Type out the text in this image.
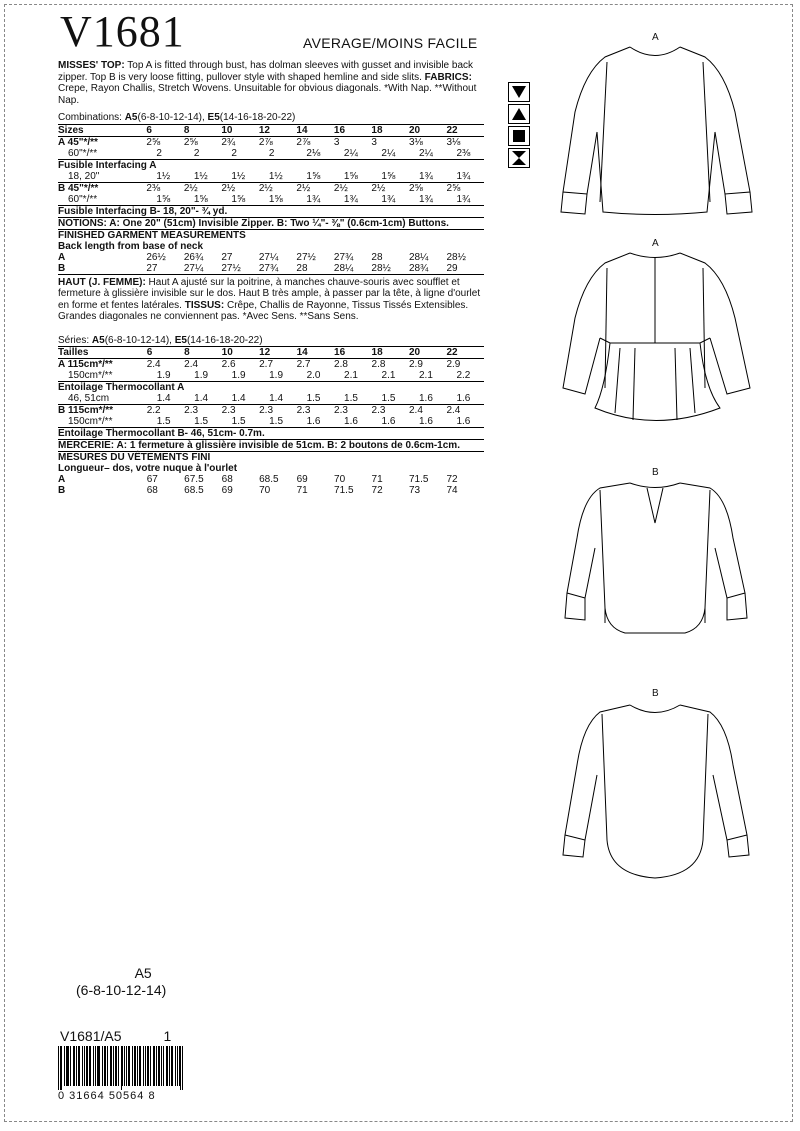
V1681	AVERAGE/MOINS FACILE

MISSES' TOP: Top A is fitted through bust, has dolman sleeves with gusset and invisible back zipper. Top B is very loose fitting, pullover style with shaped hemline and side slits. FABRICS: Crepe, Rayon Challis, Stretch Wovens. Unsuitable for obvious diagonals. *With Nap. **Without Nap.

Combinations: A5(6-8-10-12-14), E5(14-16-18-20-22)
Sizes	6	8	10	12	14	16	18	20	22
A 45"*/**	2⅝	2⅝	2¾	2⅞	2⅞	3	3	3⅛	3⅛
60"*/**	2	2	2	2	2⅛	2¼	2¼	2¼	2⅜
Fusible Interfacing A									
18, 20"	1½	1½	1½	1½	1⅝	1⅝	1⅝	1¾	1¾
B 45"*/**	2⅜	2½	2½	2½	2½	2½	2½	2⅝	2⅝
60"*/**	1⅝	1⅝	1⅝	1⅝	1¾	1¾	1¾	1¾	1¾
Fusible Interfacing B- 18, 20"- ¾ yd.									
NOTIONS: A: One 20" (51cm) Invisible Zipper. B: Two ¼"- ⅜" (0.6cm-1cm) Buttons.									
FINISHED GARMENT MEASUREMENTS									
Back length from base of neck									
A	26½	26¾	27	27¼	27½	27¾	28	28¼	28½
B	27	27¼	27½	27¾	28	28¼	28½	28¾	29

HAUT (J. FEMME): Haut A ajusté sur la poitrine, à manches chauve-souris avec soufflet et fermeture à glissière invisible sur le dos. Haut B très ample, à passer par la tête, à ligne d'ourlet en forme et fentes latérales. TISSUS: Crêpe, Challis de Rayonne, Tissus Tissés Extensibles. Grandes diagonales ne conviennent pas. *Avec Sens. **Sans Sens.

Séries: A5(6-8-10-12-14), E5(14-16-18-20-22)
Tailles	6	8	10	12	14	16	18	20	22
A 115cm*/**	2.4	2.4	2.6	2.7	2.7	2.8	2.8	2.9	2.9
150cm*/**	1.9	1.9	1.9	1.9	2.0	2.1	2.1	2.1	2.2
Entoilage Thermocollant A									
46, 51cm	1.4	1.4	1.4	1.4	1.5	1.5	1.5	1.6	1.6
B 115cm*/**	2.2	2.3	2.3	2.3	2.3	2.3	2.3	2.4	2.4
150cm*/**	1.5	1.5	1.5	1.5	1.6	1.6	1.6	1.6	1.6
Entoilage Thermocollant B- 46, 51cm- 0.7m.									
MERCERIE: A: 1 fermeture à glissière invisible de 51cm. B: 2 boutons de 0.6cm-1cm.									
MESURES DU VÊTEMENTS FINI									
Longueur– dos, votre nuque à l'ourlet									
A	67	67.5	68	68.5	69	70	71	71.5	72
B	68	68.5	69	70	71	71.5	72	73	74
A
A
B
B
A5
(6-8-10-12-14)
V1681/A5	1
0 31664 50564 8
